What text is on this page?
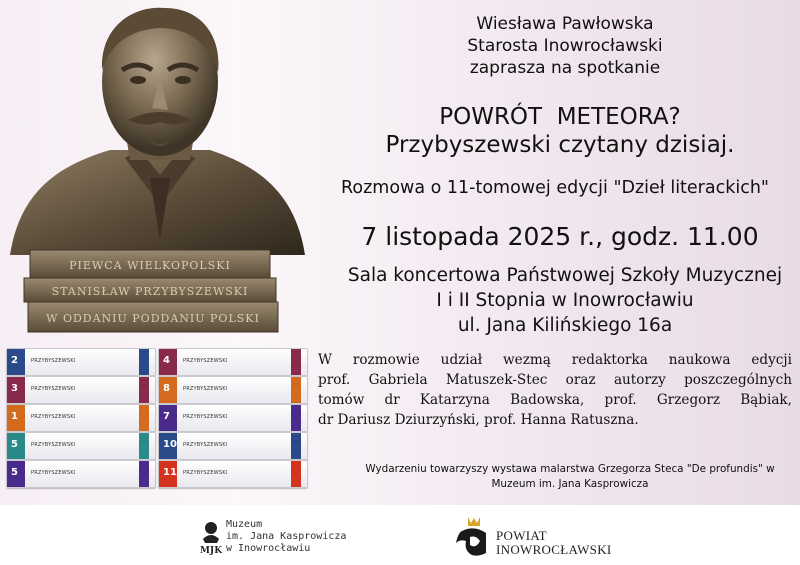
PIEWCA WIELKOPOLSKI
STANISŁAW PRZYBYSZEWSKI
W ODDANIU PODDANIU POLSKI
2	PRZYBYSZEWSKI	4	PRZYBYSZEWSKI
3	PRZYBYSZEWSKI	8	PRZYBYSZEWSKI
1	PRZYBYSZEWSKI	7	PRZYBYSZEWSKI
5	PRZYBYSZEWSKI	10 PRZYBYSZEWSKI
5	PRZYBYSZEWSKI	11 PRZYBYSZEWSKI
Wiesława Pawłowska
Starosta Inowrocławski
zaprasza na spotkanie
POWRÓT  METEORA?
Przybyszewski czytany dzisiaj.
Rozmowa o 11-tomowej edycji "Dzieł literackich"
7 listopada 2025 r., godz. 11.00
Sala koncertowa Państwowej Szkoły Muzycznej
I i II Stopnia w Inowrocławiu
ul. Jana Kilińskiego 16a
W rozmowie udział wezmą redaktorka naukowa edycji
prof. Gabriela Matuszek-Stec oraz autorzy poszczególnych
tomów dr Katarzyna Badowska, prof. Grzegorz Bąbiak,
dr Dariusz Dziurzyński, prof. Hanna Ratuszna.
Wydarzeniu towarzyszy wystawa malarstwa Grzegorza Steca "De profundis" w
Muzeum im. Jana Kasprowicza
MJK
Muzeum
im. Jana Kasprowicza
w Inowrocławiu
POWIAT
INOWROCŁAWSKI
